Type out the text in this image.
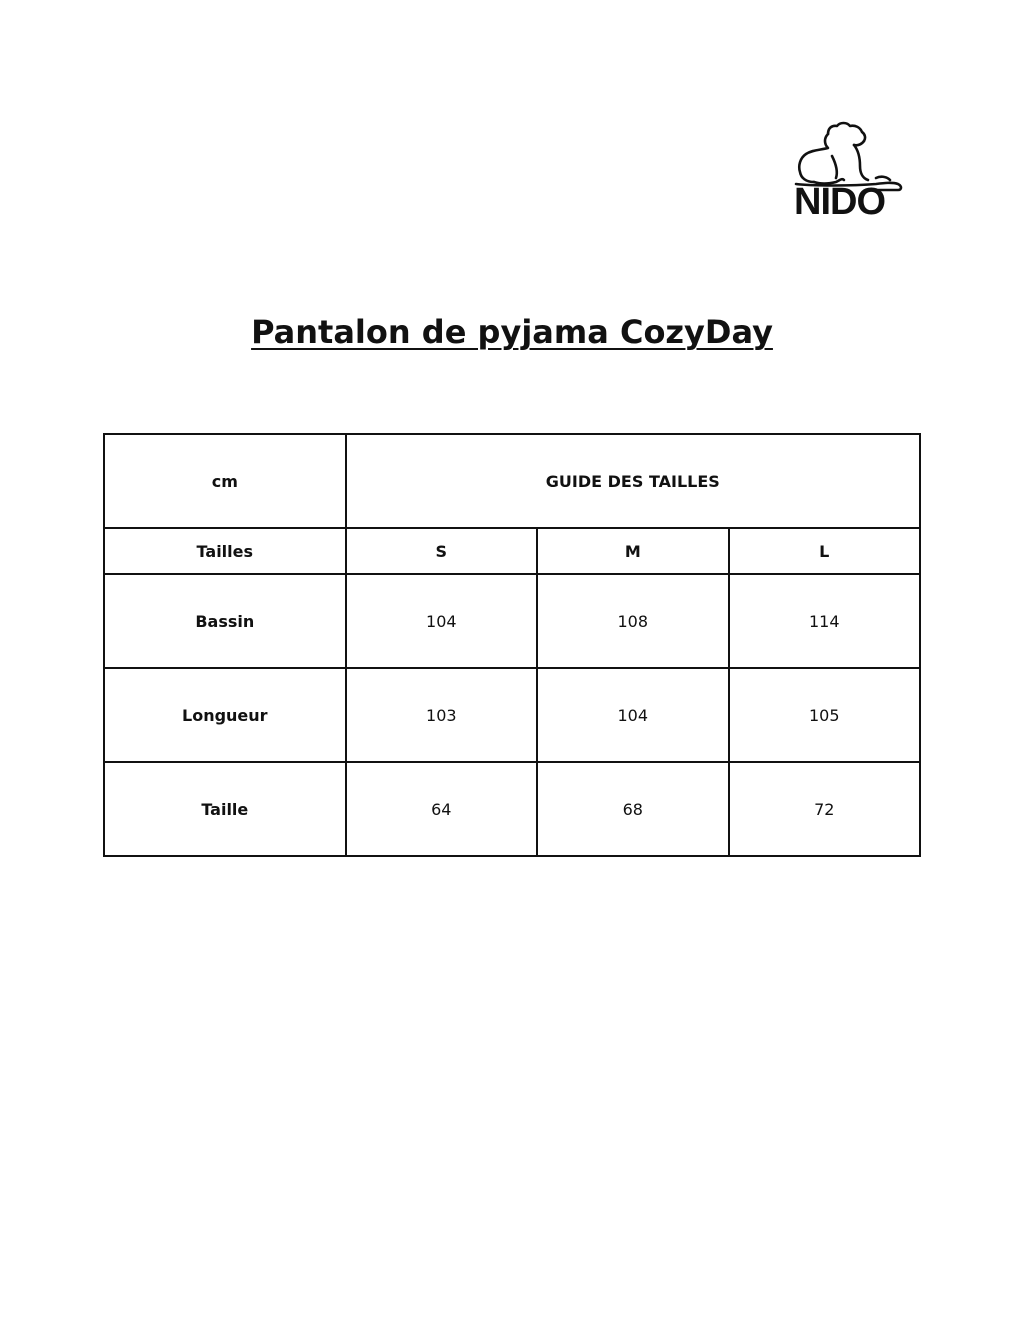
NIDO
Pantalon de pyjama CozyDay
cm	GUIDE DES TAILLES		
Tailles	S	M	L
Bassin	104	108	114
Longueur	103	104	105
Taille	64	68	72
